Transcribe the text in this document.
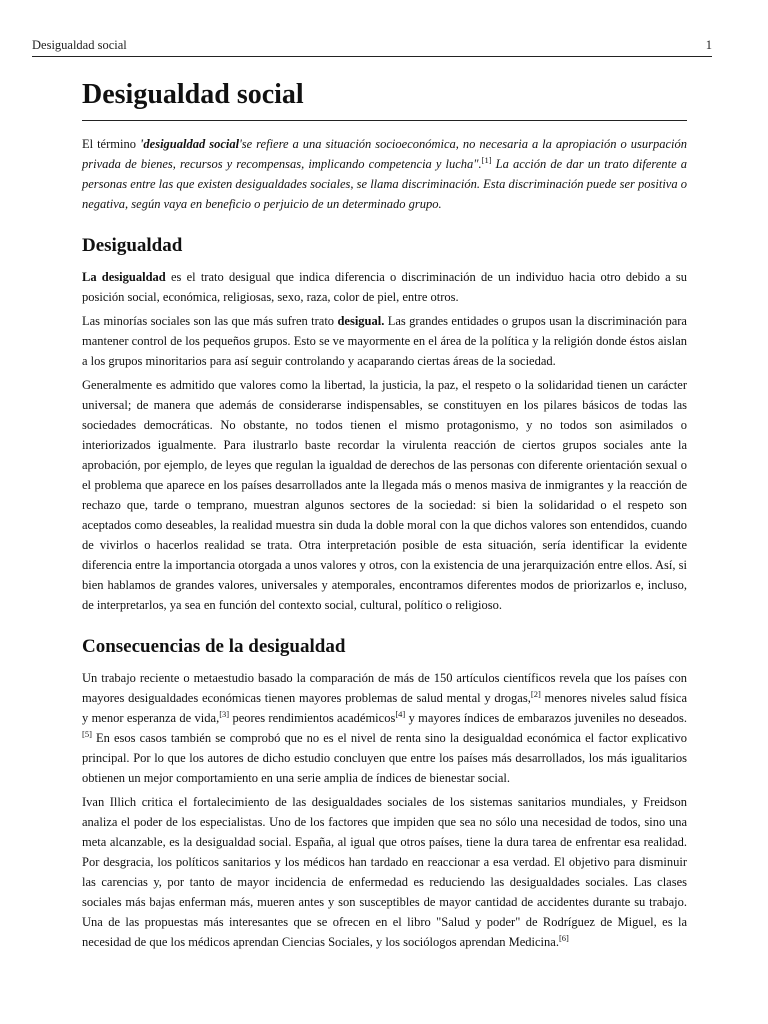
Desigualdad social	1
Desigualdad social

El término 'desigualdad social'se refiere a una situación socioeconómica, no necesaria a la apropiación o usurpación privada de bienes, recursos y recompensas, implicando competencia y lucha".[1] La acción de dar un trato diferente a personas entre las que existen desigualdades sociales, se llama discriminación. Esta discriminación puede ser positiva o negativa, según vaya en beneficio o perjuicio de un determinado grupo.

Desigualdad

La desigualdad es el trato desigual que indica diferencia o discriminación de un individuo hacia otro debido a su posición social, económica, religiosas, sexo, raza, color de piel, entre otros.

Las minorías sociales son las que más sufren trato desigual. Las grandes entidades o grupos usan la discriminación para mantener control de los pequeños grupos. Esto se ve mayormente en el área de la política y la religión donde éstos aislan a los grupos minoritarios para así seguir controlando y acaparando ciertas áreas de la sociedad.

Generalmente es admitido que valores como la libertad, la justicia, la paz, el respeto o la solidaridad tienen un carácter universal; de manera que además de considerarse indispensables, se constituyen en los pilares básicos de todas las sociedades democráticas. No obstante, no todos tienen el mismo protagonismo, y no todos son asimilados o interiorizados igualmente. Para ilustrarlo baste recordar la virulenta reacción de ciertos grupos sociales ante la aprobación, por ejemplo, de leyes que regulan la igualdad de derechos de las personas con diferente orientación sexual o el problema que aparece en los países desarrollados ante la llegada más o menos masiva de inmigrantes y la reacción de rechazo que, tarde o temprano, muestran algunos sectores de la sociedad: si bien la solidaridad o el respeto son aceptados como deseables, la realidad muestra sin duda la doble moral con la que dichos valores son entendidos, cuando de vivirlos o hacerlos realidad se trata. Otra interpretación posible de esta situación, sería identificar la evidente diferencia entre la importancia otorgada a unos valores y otros, con la existencia de una jerarquización entre ellos. Así, si bien hablamos de grandes valores, universales y atemporales, encontramos diferentes modos de priorizarlos e, incluso, de interpretarlos, ya sea en función del contexto social, cultural, político o religioso.

Consecuencias de la desigualdad

Un trabajo reciente o metaestudio basado la comparación de más de 150 artículos científicos revela que los países con mayores desigualdades económicas tienen mayores problemas de salud mental y drogas,[2] menores niveles salud física y menor esperanza de vida,[3] peores rendimientos académicos[4] y mayores índices de embarazos juveniles no deseados.[5] En esos casos también se comprobó que no es el nivel de renta sino la desigualdad económica el factor explicativo principal. Por lo que los autores de dicho estudio concluyen que entre los países más desarrollados, los más igualitarios obtienen un mejor comportamiento en una serie amplia de índices de bienestar social.

Ivan Illich critica el fortalecimiento de las desigualdades sociales de los sistemas sanitarios mundiales, y Freidson analiza el poder de los especialistas. Uno de los factores que impiden que sea no sólo una necesidad de todos, sino una meta alcanzable, es la desigualdad social. España, al igual que otros países, tiene la dura tarea de enfrentar esa realidad. Por desgracia, los políticos sanitarios y los médicos han tardado en reaccionar a esa verdad. El objetivo para disminuir las carencias y, por tanto de mayor incidencia de enfermedad es reduciendo las desigualdades sociales. Las clases sociales más bajas enferman más, mueren antes y son susceptibles de mayor cantidad de accidentes durante su trabajo. Una de las propuestas más interesantes que se ofrecen en el libro "Salud y poder" de Rodríguez de Miguel, es la necesidad de que los médicos aprendan Ciencias Sociales, y los sociólogos aprendan Medicina.[6]
